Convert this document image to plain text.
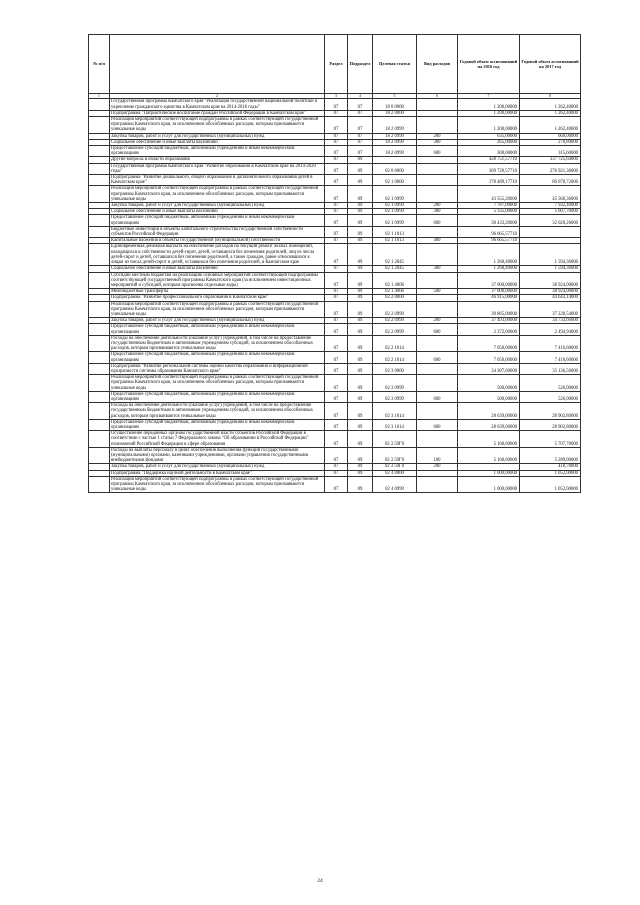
№ п/п		Раздел	Подраздел	Целевая статья	Вид расходов	Годовой объем ассигнований на 2016 год	Годовой объем ассигнований на 2017 год
1	2	3	4	5	6	7	8
	Государственная программа Камчатского края "Реализация государственной национальной политики и укрепление гражданского единства в Камчатском крае на 2014-2018 годы"	07	07	18 0 0000		1 200,00000	1 262,40000
	Подпрограмма "Патриотическое воспитание граждан Российской Федерации в Камчатском крае"	07	07	18 2 0000		1 200,00000	1 262,40000
	Реализация мероприятий соответствующей подпрограммы в рамках соответствующей государственной программы Камчатского края, за исключением обособленных расходов, которым присваиваются уникальные коды	07	07	18 2 0999		1 200,00000	1 262,40000
	Закупка товаров, работ и услуг для государственных (муниципальных) нужд	07	07	18 2 0999	200	635,00000	668,00000
	Социальное обеспечение и иные выплаты населению	07	07	18 2 0999	300	265,00000	278,80000
	Предоставление субсидий бюджетным, автономным учреждениям и иным некоммерческим организациям	07	07	18 2 0999	600	300,00000	315,60000
	Другие вопросы в области образования	07	09			428 751,57710	337 725,64000
	Государственная программа Камчатского края "Развитие образования в Камчатском крае на 2014-2020 годы"	07	09	02 0 0000		369 720,57710	276 921,36000
	Подпрограмма "Развитие дошкольного, общего образования и дополнительного образования детей в Камчатском крае"	07	09	02 1 0000		178 489,17710	86 078,72000
	Реализация мероприятий соответствующей подпрограммы в рамках соответствующей государственной программы Камчатского края, за исключением обособленных расходов, которым присваиваются уникальные коды	07	09	02 1 0999		43 555,20000	45 560,36000
	Закупка товаров, работ и услуг для государственных (муниципальных) нужд	07	09	02 1 0999	200	7 787,00000	7 932,40000
	Социальное обеспечение и иные выплаты населению	07	09	02 1 0999	300	5 335,00000	5 607,70000
	Предоставление субсидий бюджетным, автономным учреждениям и иным некоммерческим организациям	07	09	02 1 0999	600	30 433,20000	32 020,26000
	Бюджетные инвестиции в объекты капитального строительства государственной собственности субъектов Российской Федерации	07	09	02 1 1013		96 665,57710	
	Капитальные вложения в объекты государственной (муниципальной) собственности	07	09	02 1 1013	400	96 665,57710	
	Единовременная денежная выплата на обеспечение расходов на текущий ремонт жилых помещений, находящихся в собственности детей-сирот, детей, оставшихся без попечения родителей, лиц из числа детей-сирот и детей, оставшихся без попечения родителей, а также граждан, ранее относившихся к лицам из числа детей-сирот и детей, оставшихся без попечения родителей, в Камчатском крае	07	09	02 1 2045		1 268,40000	1 594,36000
	Социальное обеспечение и иные выплаты населению	07	09	02 1 2045	300	1 268,40000	1 594,36000
	Субсидии местным бюджетам на реализацию основных мероприятий соответствующей подпрограммы соответствующей государственной программы Камчатского края (за исключением инвестиционных мероприятий и субсидий, которым присвоены отдельные коды)	07	09	02 1 4006		37 000,00000	38 924,00000
	Межбюджетные трансферты	07	09	02 1 4006	500	37 000,00000	38 924,00000
	Подпрограмма "Развитие профессионального образования в Камчатском крае"	07	09	02 2 0000		46 915,00000	44 643,14000
	Реализация мероприятий соответствующей подпрограммы в рамках соответствующей государственной программы Камчатского края, за исключением обособленных расходов, которым присваиваются уникальные коды	07	09	02 2 0999		39 865,00000	37 228,54000
	Закупка товаров, работ и услуг для государственных (муниципальных) нужд	07	09	02 2 0999	200	37 493,00000	34 733,60000
	Предоставление субсидий бюджетным, автономным учреждениям и иным некоммерческим организациям	07	09	02 2 0999	600	2 372,00000	2 494,94000
	Расходы на обеспечение деятельности (оказание услуг) учреждений, в том числе на предоставление государственным бюджетным и автономным учреждениям субсидий, за исключением обособленных расходов, которым присваиваются уникальные коды	07	09	02 2 1014		7 050,00000	7 416,60000
	Предоставление субсидий бюджетным, автономным учреждениям и иным некоммерческим организациям	07	09	02 2 1014	600	7 050,00000	7 416,60000
	Подпрограмма "Развитие региональной системы оценки качества образования и информационной прозрачности системы образования Камчатского края"	07	09	02 3 0000		34 307,60000	35 136,50000
	Реализация мероприятий соответствующей подпрограммы в рамках соответствующей государственной программы Камчатского края, за исключением обособленных расходов, которым присваиваются уникальные коды	07	09	02 3 0999		500,00000	526,00000
	Предоставление субсидий бюджетным, автономным учреждениям и иным некоммерческим организациям	07	09	02 3 0999	600	500,00000	526,00000
	Расходы на обеспечение деятельности (оказание услуг) учреждений, в том числе на предоставление государственным бюджетным и автономным учреждениям субсидий, за исключением обособленных расходов, которым присваиваются уникальные коды	07	09	02 3 1014		28 639,00000	28 902,80000
	Предоставление субсидий бюджетным, автономным учреждениям и иным некоммерческим организациям	07	09	02 3 1014	600	28 639,00000	28 902,80000
	Осуществление переданных органам государственной власти субъектов Российской Федерации в соответствии с частью 1 статьи 7 Федерального закона "Об образовании в Российской Федерации" полномочий Российской Федерации в сфере образования	07	09	02 3 59Г0		5 168,60000	5 707,70000
	Расходы на выплаты персоналу в целях обеспечения выполнения функций государственными (муниципальными) органами, казенными учреждениями, органами управления государственными внебюджетными фондами	07	09	02 3 59Г0	100	5 168,60000	5 289,00000
	Закупка товаров, работ и услуг для государственных (муниципальных) нужд	07	09	02 3 59Г0	200		418,70000
	Подпрограмма "Поддержка научной деятельности в Камчатском крае"	07	09	02 4 0000		1 000,00000	1 052,00000
	Реализация мероприятий соответствующей подпрограммы в рамках соответствующей государственной программы Камчатского края, за исключением обособленных расходов, которым присваиваются уникальные коды	07	09	02 4 0999		1 000,00000	1 052,00000
24
